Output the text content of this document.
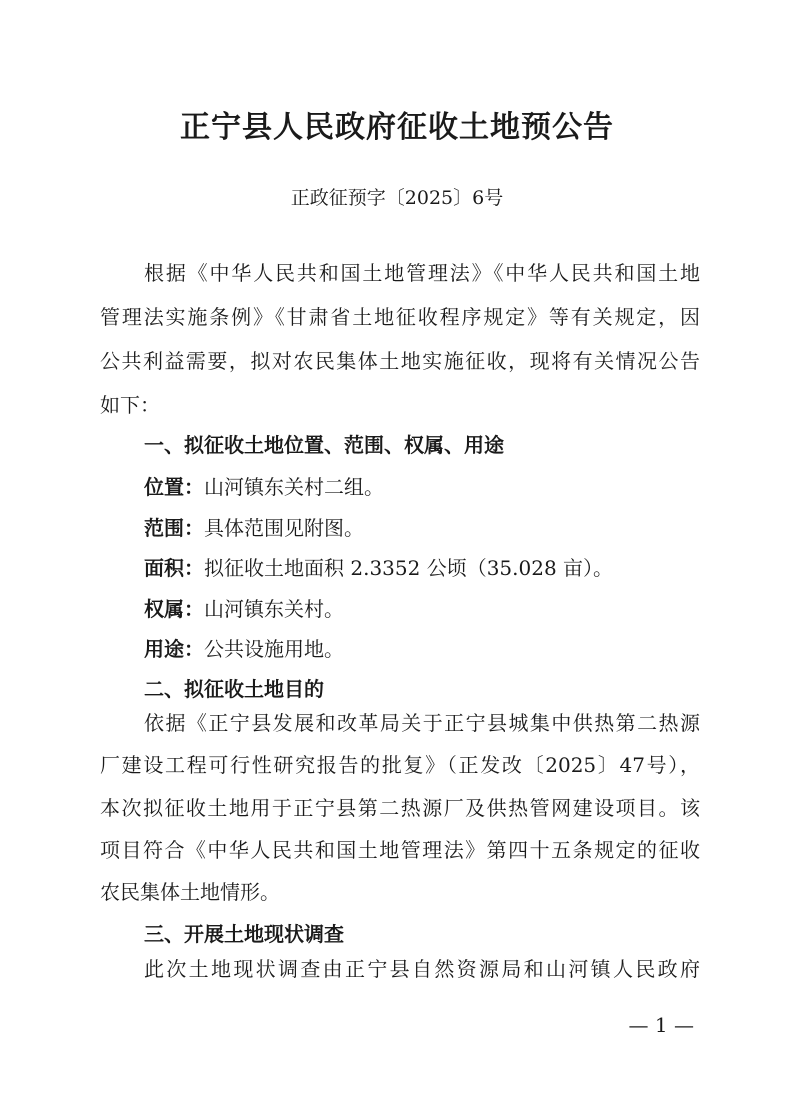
正宁县人民政府征收土地预公告
正政征预字〔2025〕6号
根据《中华人民共和国土地管理法》《中华人民共和国土地
管理法实施条例》《甘肃省土地征收程序规定》等有关规定，因
公共利益需要，拟对农民集体土地实施征收，现将有关情况公告
如下：
一、拟征收土地位置、范围、权属、用途
位置：山河镇东关村二组。
范围：具体范围见附图。
面积：拟征收土地面积 2.3352 公顷（35.028 亩）。
权属：山河镇东关村。
用途：公共设施用地。
二、拟征收土地目的
依据《正宁县发展和改革局关于正宁县城集中供热第二热源
厂建设工程可行性研究报告的批复》（正发改〔2025〕47号），
本次拟征收土地用于正宁县第二热源厂及供热管网建设项目。该
项目符合《中华人民共和国土地管理法》第四十五条规定的征收
农民集体土地情形。
三、开展土地现状调查
此次土地现状调查由正宁县自然资源局和山河镇人民政府
— 1 —
